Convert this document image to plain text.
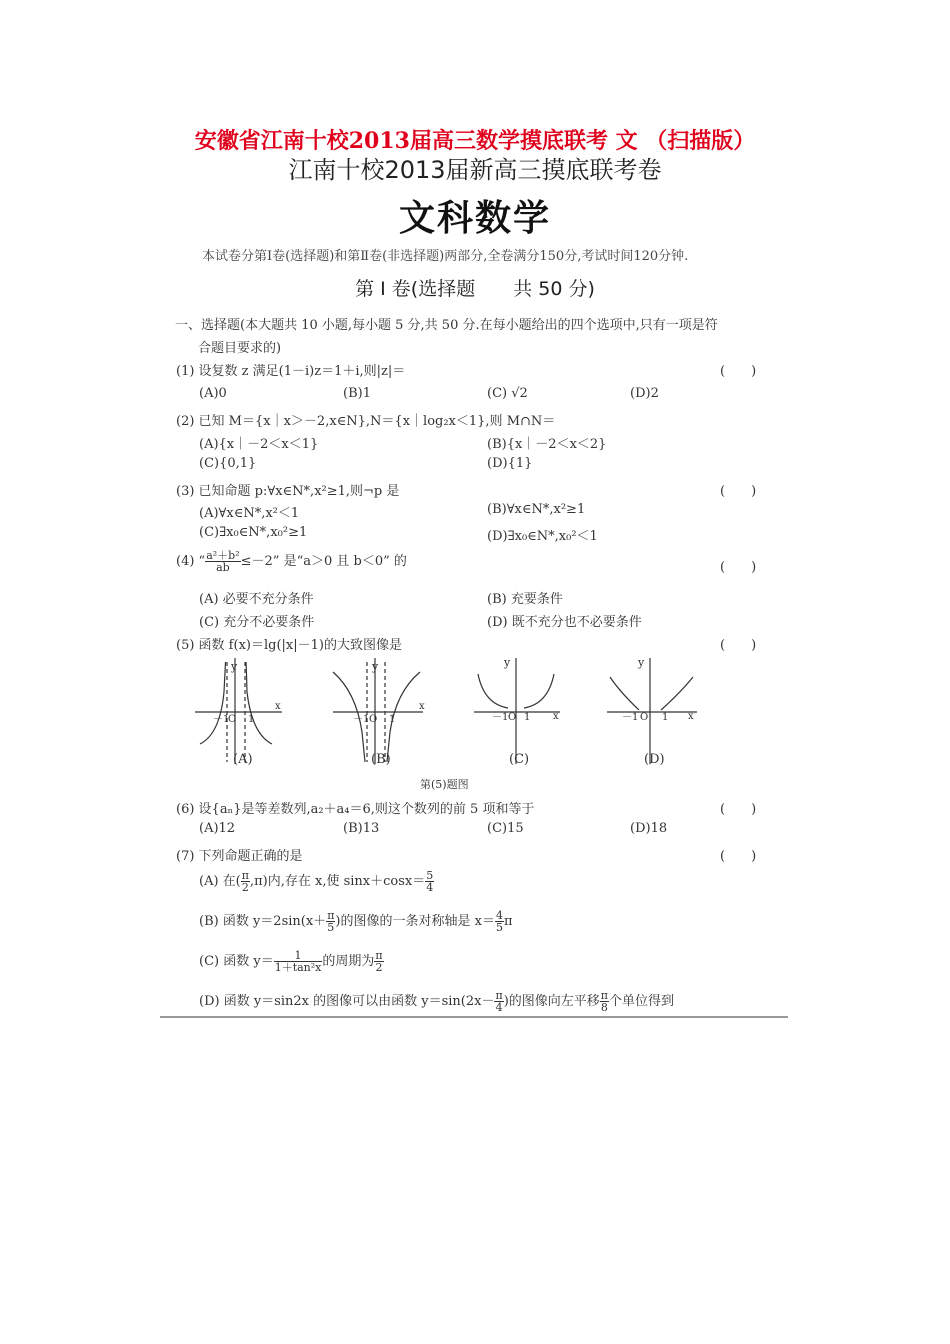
安徽省江南十校2013届高三数学摸底联考 文 （扫描版）
江南十校2013届新高三摸底联考卷
文科数学
本试卷分第Ⅰ卷(选择题)和第Ⅱ卷(非选择题)两部分,全卷满分150分,考试时间120分钟.
第 Ⅰ 卷(选择题　　共 50 分)
一、选择题(本大题共 10 小题,每小题 5 分,共 50 分.在每小题给出的四个选项中,只有一项是符
合题目要求的)
(1) 设复数 z 满足(1－i)z＝1＋i,则|z|＝	(　　)
(A)0	(B)1	(C) √2	(D)2
(2) 已知 M＝{x｜x＞－2,x∈N},N＝{x｜log₂x＜1},则 M∩N＝
(A){x｜－2＜x＜1}	(B){x｜－2＜x＜2}
(C){0,1}	(D){1}
(3) 已知命题 p:∀x∈N*,x²≥1,则¬p 是	(　　)
(A)∀x∈N*,x²＜1	(B)∀x∈N*,x²≥1
(C)∃x₀∈N*,x₀²≥1	(D)∃x₀∈N*,x₀²＜1
(4) “ $\frac{\text{a²＋b²}}{ab} \le-2$” 是“a＞0 且 b＜0” 的	(　　)
(A) 必要不充分条件	(B) 充要条件
(C) 充分不必要条件	(D) 既不充分也不必要条件
(5) 函数 f(x)＝lg(|x|－1)的大致图像是	(　　)
y
x
O
－1 1
y
x
O
－1 1
y
x
O
－1 1
y
x
O
－1 1
(A)	(B)	(C)	(D)
第(5)题图
(6) 设{aₙ}是等差数列,a₂＋a₄＝6,则这个数列的前 5 项和等于	(　　)
(A)12	(B)13	(C)15	(D)18
(7) 下列命题正确的是	(　　)
(A) 在( $\frac{\pi}{2} ,\pi$)内,存在 x,使 $\sin x+\cos x= \frac{5}{4}$
(B) 函数 $y=2\sin(x+ \frac{\pi}{5}$ )的图像的一条对称轴是 $x= \frac{4}{5}$ π
(C) 函数 $y= \frac{1}{\text{1＋tan²x}}$ 的周期为 $\frac{\pi}{2}$
(D) 函数 y＝sin2x 的图像可以由函数 $y=\sin(2x- \frac{\pi}{4}$ )的图像向左平移 $\frac{\pi}{8}$ 个单位得到
